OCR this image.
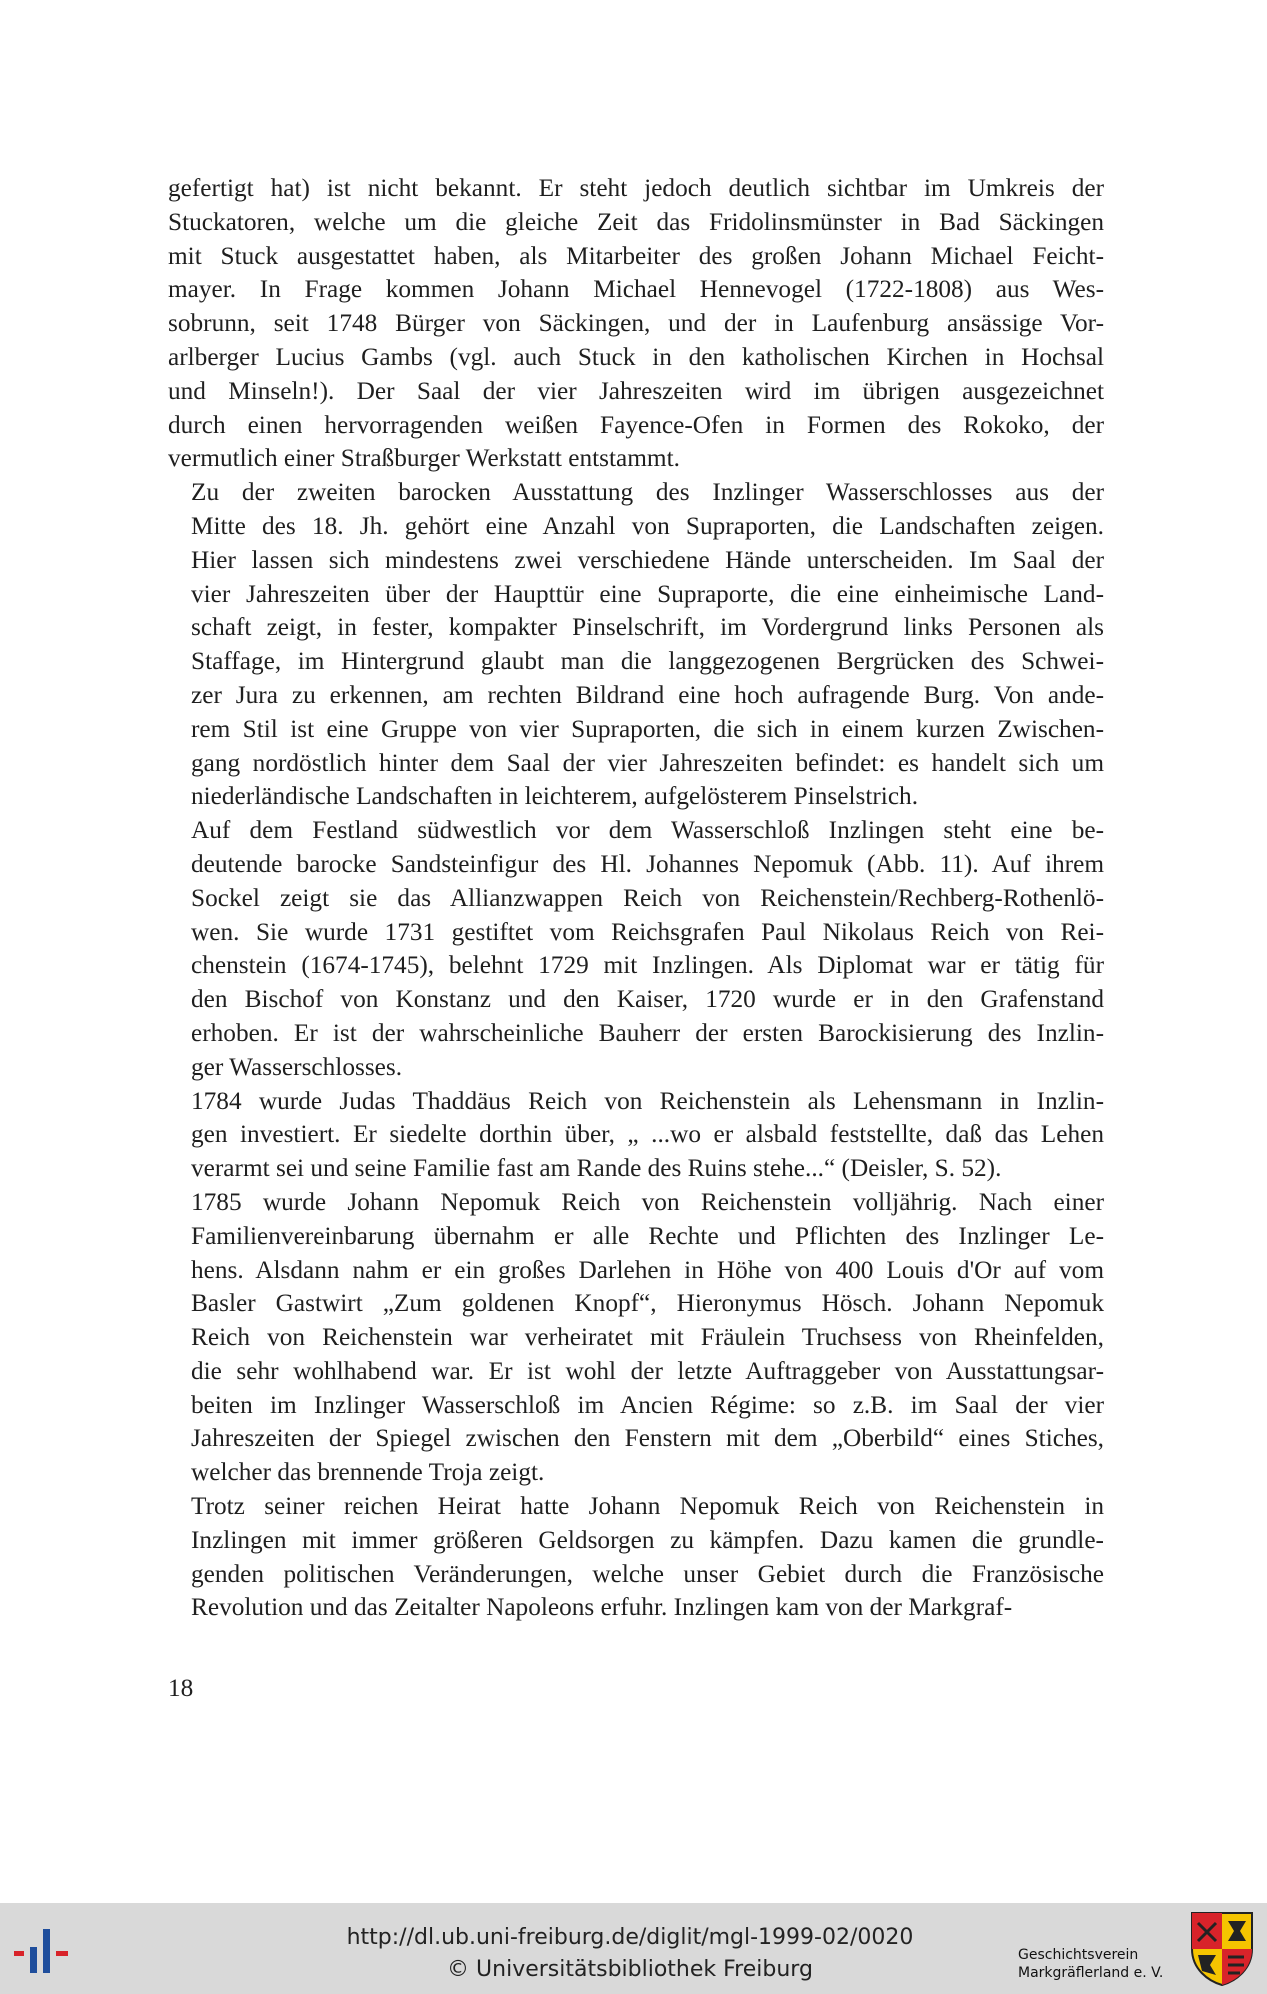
gefertigt hat) ist nicht bekannt. Er steht jedoch deutlich sichtbar im Umkreis der
Stuckatoren, welche um die gleiche Zeit das Fridolinsmünster in Bad Säckingen
mit Stuck ausgestattet haben, als Mitarbeiter des großen Johann Michael Feicht-
mayer. In Frage kommen Johann Michael Hennevogel (1722-1808) aus Wes-
sobrunn, seit 1748 Bürger von Säckingen, und der in Laufenburg ansässige Vor-
arlberger Lucius Gambs (vgl. auch Stuck in den katholischen Kirchen in Hochsal
und Minseln!). Der Saal der vier Jahreszeiten wird im übrigen ausgezeichnet
durch einen hervorragenden weißen Fayence-Ofen in Formen des Rokoko, der
vermutlich einer Straßburger Werkstatt entstammt.

Zu der zweiten barocken Ausstattung des Inzlinger Wasserschlosses aus der
Mitte des 18. Jh. gehört eine Anzahl von Supraporten, die Landschaften zeigen.
Hier lassen sich mindestens zwei verschiedene Hände unterscheiden. Im Saal der
vier Jahreszeiten über der Haupttür eine Supraporte, die eine einheimische Land-
schaft zeigt, in fester, kompakter Pinselschrift, im Vordergrund links Personen als
Staffage, im Hintergrund glaubt man die langgezogenen Bergrücken des Schwei-
zer Jura zu erkennen, am rechten Bildrand eine hoch aufragende Burg. Von ande-
rem Stil ist eine Gruppe von vier Supraporten, die sich in einem kurzen Zwischen-
gang nordöstlich hinter dem Saal der vier Jahreszeiten befindet: es handelt sich um
niederländische Landschaften in leichterem, aufgelösterem Pinselstrich.

Auf dem Festland südwestlich vor dem Wasserschloß Inzlingen steht eine be-
deutende barocke Sandsteinfigur des Hl. Johannes Nepomuk (Abb. 11). Auf ihrem
Sockel zeigt sie das Allianzwappen Reich von Reichenstein/Rechberg-Rothenlö-
wen. Sie wurde 1731 gestiftet vom Reichsgrafen Paul Nikolaus Reich von Rei-
chenstein (1674-1745), belehnt 1729 mit Inzlingen. Als Diplomat war er tätig für
den Bischof von Konstanz und den Kaiser, 1720 wurde er in den Grafenstand
erhoben. Er ist der wahrscheinliche Bauherr der ersten Barockisierung des Inzlin-
ger Wasserschlosses.

1784 wurde Judas Thaddäus Reich von Reichenstein als Lehensmann in Inzlin-
gen investiert. Er siedelte dorthin über, „ ...wo er alsbald feststellte, daß das Lehen
verarmt sei und seine Familie fast am Rande des Ruins stehe...“ (Deisler, S. 52).

1785 wurde Johann Nepomuk Reich von Reichenstein volljährig. Nach einer
Familienvereinbarung übernahm er alle Rechte und Pflichten des Inzlinger Le-
hens. Alsdann nahm er ein großes Darlehen in Höhe von 400 Louis d'Or auf vom
Basler Gastwirt „Zum goldenen Knopf“, Hieronymus Hösch. Johann Nepomuk
Reich von Reichenstein war verheiratet mit Fräulein Truchsess von Rheinfelden,
die sehr wohlhabend war. Er ist wohl der letzte Auftraggeber von Ausstattungsar-
beiten im Inzlinger Wasserschloß im Ancien Régime: so z.B. im Saal der vier
Jahreszeiten der Spiegel zwischen den Fenstern mit dem „Oberbild“ eines Stiches,
welcher das brennende Troja zeigt.

Trotz seiner reichen Heirat hatte Johann Nepomuk Reich von Reichenstein in
Inzlingen mit immer größeren Geldsorgen zu kämpfen. Dazu kamen die grundle-
genden politischen Veränderungen, welche unser Gebiet durch die Französische
Revolution und das Zeitalter Napoleons erfuhr. Inzlingen kam von der Markgraf-

18
http://dl.ub.uni-freiburg.de/diglit/mgl-1999-02/0020
© Universitätsbibliothek Freiburg
Geschichtsverein
Markgräflerland e. V.
